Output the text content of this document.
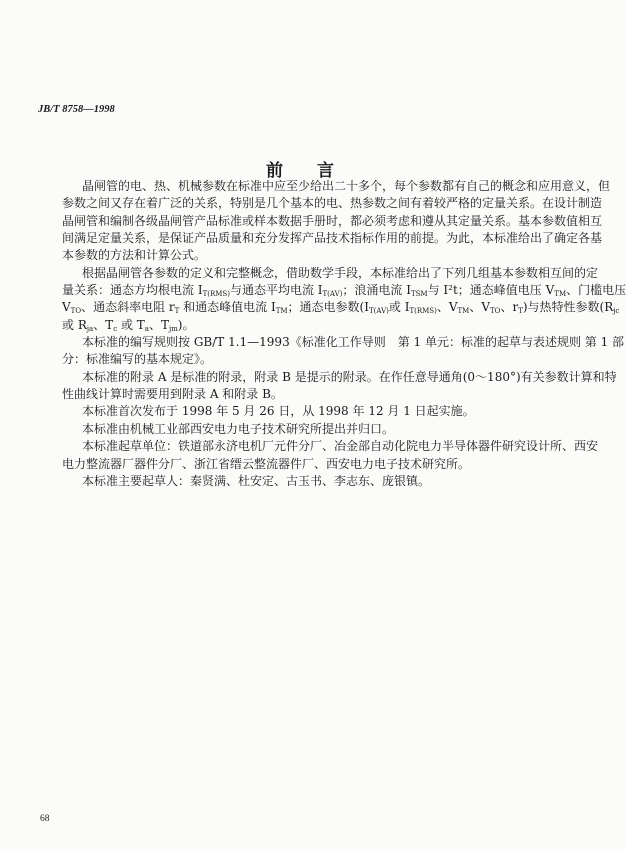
JB/T 8758—1998
前言
晶闸管的电、热、机械参数在标准中应至少给出二十多个，每个参数都有自己的概念和应用意义，但
参数之间又存在着广泛的关系，特别是几个基本的电、热参数之间有着较严格的定量关系。在设计制造
晶闸管和编制各级晶闸管产品标准或样本数据手册时，都必须考虑和遵从其定量关系。基本参数值相互
间满足定量关系，是保证产品质量和充分发挥产品技术指标作用的前提。为此，本标准给出了确定各基
本参数的方法和计算公式。
根据晶闸管各参数的定义和完整概念，借助数学手段，本标准给出了下列几组基本参数相互间的定
量关系：通态方均根电流 $I_{T(RMS)}$与通态平均电流 $I_{T(AV)}$；浪涌电流 $I_{TSM}$与 I²t；通态峰值电压 $V_{TM}$、门槛电压
$V_{TO}$、通态斜率电阻 $r_T$ 和通态峰值电流 $I_{TM}$；通态电参数($I_{T(AV)}$或 $I_{T(RMS)}$、$V_{TM}$、$V_{TO}$、$r_T$)与热特性参数($R_{jc}$
或 $R_{ja}$、$T_c$ 或 $T_a$、$T_{jm}$)。
本标准的编写规则按 GB/T 1.1—1993《标准化工作导则　第 1 单元：标准的起草与表述规则 第 1 部
分：标准编写的基本规定》。
本标准的附录 A 是标准的附录，附录 B 是提示的附录。在作任意导通角(0～180°)有关参数计算和特
性曲线计算时需要用到附录 A 和附录 B。
本标准首次发布于 1998 年 5 月 26 日，从 1998 年 12 月 1 日起实施。
本标准由机械工业部西安电力电子技术研究所提出并归口。
本标准起草单位：铁道部永济电机厂元件分厂、冶金部自动化院电力半导体器件研究设计所、西安
电力整流器厂器件分厂、浙江省缙云整流器件厂、西安电力电子技术研究所。
本标准主要起草人：秦贤满、杜安定、古玉书、李志东、庞银镇。
68
